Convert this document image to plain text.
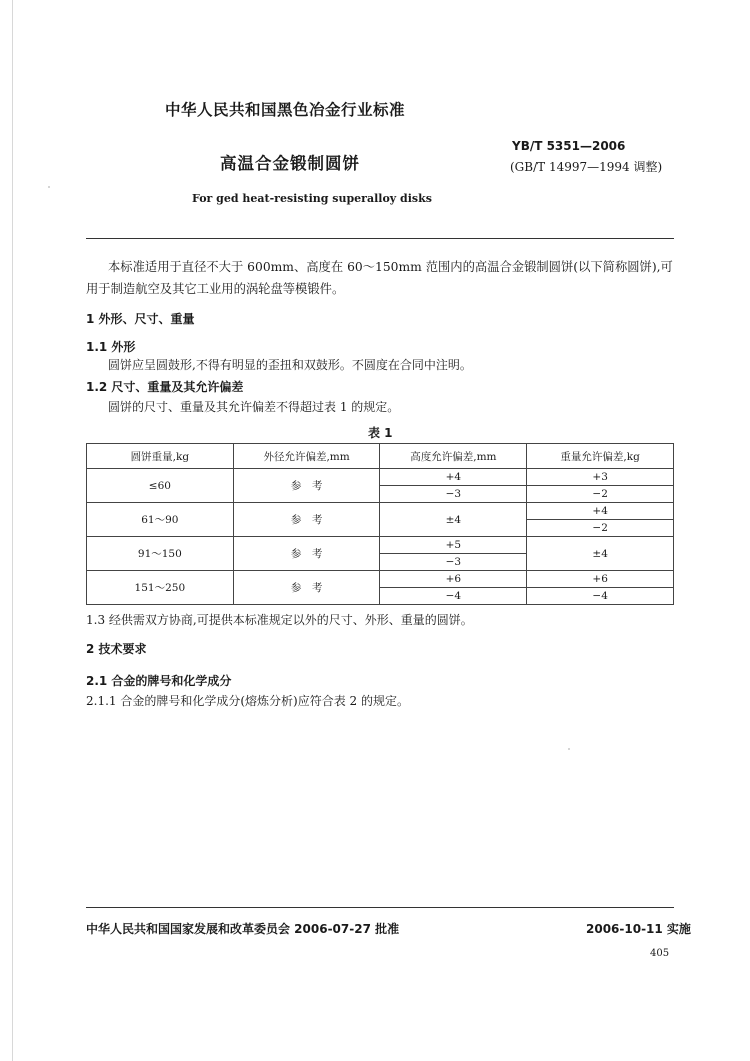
中华人民共和国黑色冶金行业标准
YB/T 5351—2006
(GB/T 14997—1994 调整)
高温合金锻制圆饼
For ged heat-resisting superalloy disks
本标准适用于直径不大于 600mm、高度在 60～150mm 范围内的高温合金锻制圆饼(以下简称圆饼),可用于制造航空及其它工业用的涡轮盘等模锻件。
1 外形、尺寸、重量
1.1 外形
圆饼应呈圆鼓形,不得有明显的歪扭和双鼓形。不圆度在合同中注明。
1.2 尺寸、重量及其允许偏差
圆饼的尺寸、重量及其允许偏差不得超过表 1 的规定。
表 1
圆饼重量,kg	外径允许偏差,mm	高度允许偏差,mm	重量允许偏差,kg
≤60	参　考	+4	+3
		−3	−2
61～90	参　考	±4	+4
			−2
91～150	参　考	+5	±4
		−3	
151～250	参　考	+6	+6
		−4	−4
1.3 经供需双方协商,可提供本标准规定以外的尺寸、外形、重量的圆饼。
2 技术要求
2.1 合金的牌号和化学成分
2.1.1 合金的牌号和化学成分(熔炼分析)应符合表 2 的规定。
中华人民共和国国家发展和改革委员会 2006-07-27 批准	2006-10-11 实施
405
